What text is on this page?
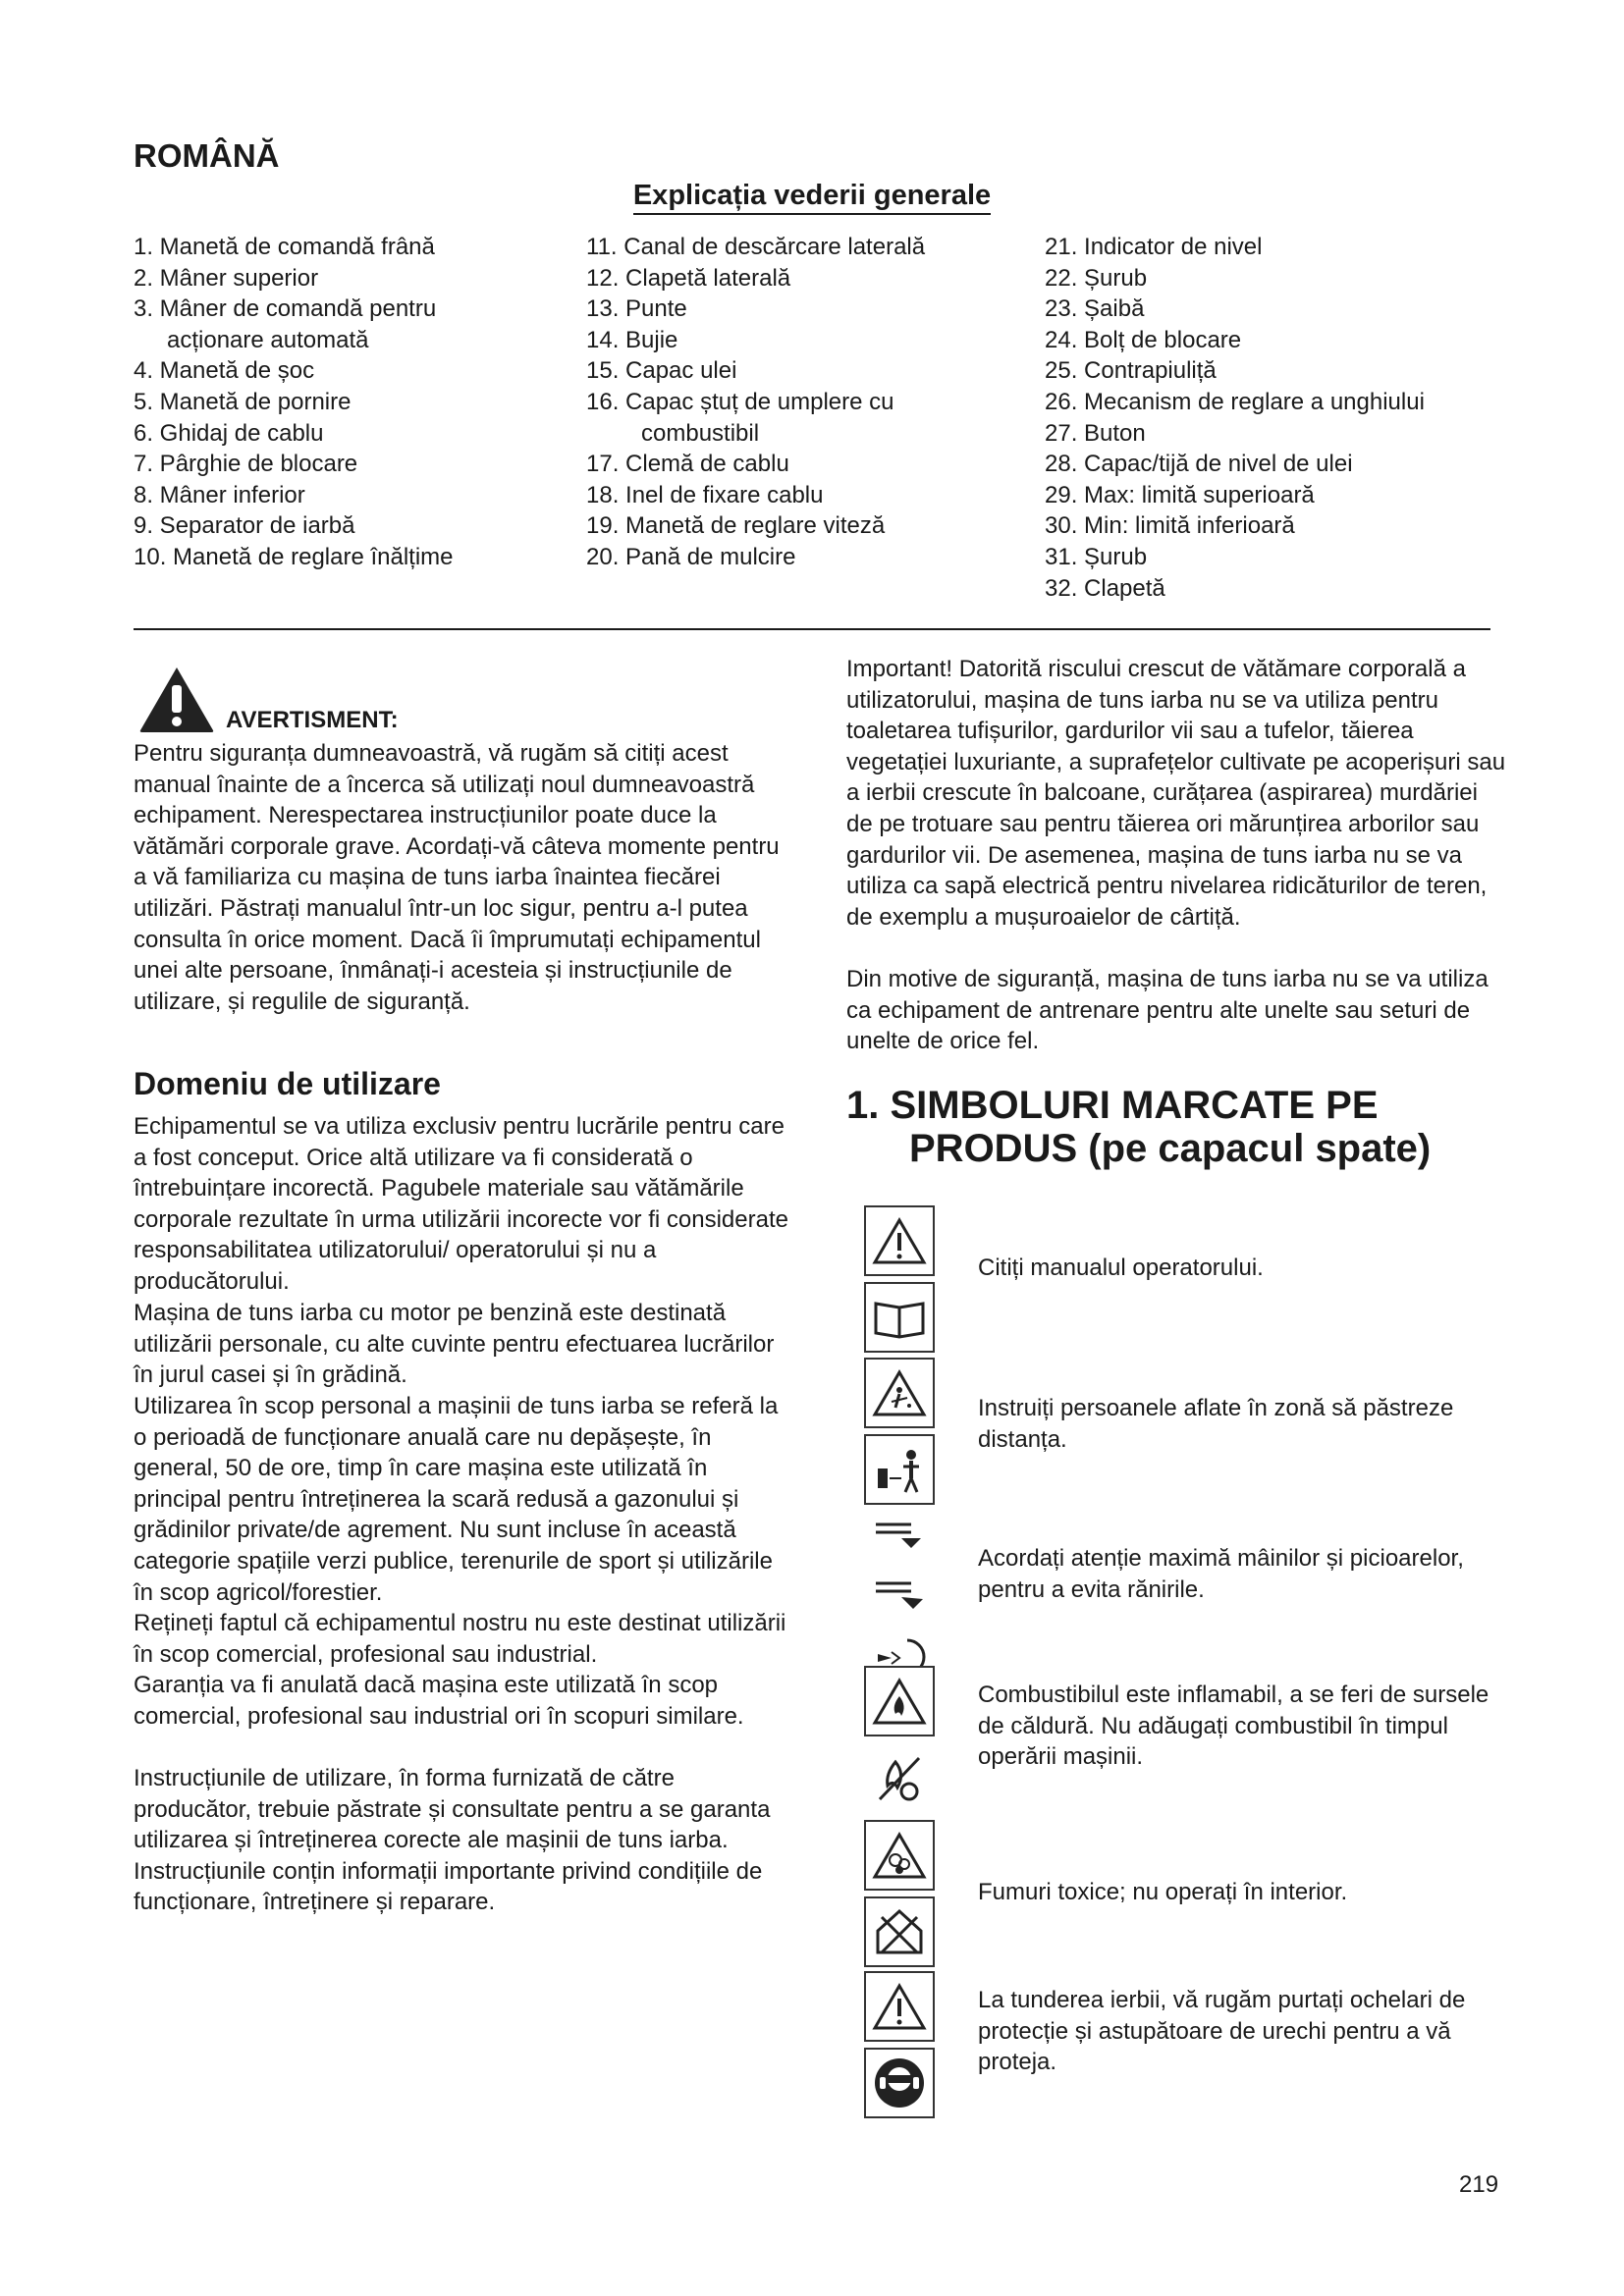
ROMÂNĂ
Explicația vederii generale
1. Manetă de comandă frână
2. Mâner superior
3. Mâner de comandă pentru
acționare automată
4. Manetă de șoc
5. Manetă de pornire
6. Ghidaj de cablu
7. Pârghie de blocare
8. Mâner inferior
9. Separator de iarbă
10. Manetă de reglare înălțime
11. Canal de descărcare laterală
12. Clapetă laterală
13. Punte
14. Bujie
15. Capac ulei
16. Capac ștuț de umplere cu
combustibil
17. Clemă de cablu
18. Inel de fixare cablu
19. Manetă de reglare viteză
20. Pană de mulcire
21. Indicator de nivel
22. Șurub
23. Șaibă
24. Bolț de blocare
25. Contrapiuliță
26. Mecanism de reglare a unghiului
27. Buton
28. Capac/tijă de nivel de ulei
29. Max: limită superioară
30. Min: limită inferioară
31. Șurub
32. Clapetă
AVERTISMENT:

Pentru siguranța dumneavoastră, vă rugăm să citiți acest manual înainte de a încerca să utilizați noul dumneavoastră echipament. Nerespectarea instrucțiunilor poate duce la vătămări corporale grave. Acordați-vă câteva momente pentru a vă familiariza cu mașina de tuns iarba înaintea fiecărei utilizări. Păstrați manualul într-un loc sigur, pentru a-l putea consulta în orice moment. Dacă îi împrumutați echipamentul unei alte persoane, înmânați-i acesteia și instrucțiunile de utilizare, și regulile de siguranță.

Domeniu de utilizare

Echipamentul se va utiliza exclusiv pentru lucrările pentru care a fost conceput. Orice altă utilizare va fi considerată o întrebuințare incorectă. Pagubele materiale sau vătămările corporale rezultate în urma utilizării incorecte vor fi considerate responsabilitatea utilizatorului/ operatorului și nu a producătorului.

Mașina de tuns iarba cu motor pe benzină este destinată utilizării personale, cu alte cuvinte pentru efectuarea lucrărilor în jurul casei și în grădină.

Utilizarea în scop personal a mașinii de tuns iarba se referă la o perioadă de funcționare anuală care nu depășește, în general, 50 de ore, timp în care mașina este utilizată în principal pentru întreținerea la scară redusă a gazonului și grădinilor private/de agrement. Nu sunt incluse în această categorie spațiile verzi publice, terenurile de sport și utilizările în scop agricol/forestier.

Rețineți faptul că echipamentul nostru nu este destinat utilizării în scop comercial, profesional sau industrial.

Garanția va fi anulată dacă mașina este utilizată în scop comercial, profesional sau industrial ori în scopuri similare.

Instrucțiunile de utilizare, în forma furnizată de către producător, trebuie păstrate și consultate pentru a se garanta utilizarea și întreținerea corecte ale mașinii de tuns iarba. Instrucțiunile conțin informații importante privind condițiile de funcționare, întreținere și reparare.

Important! Datorită riscului crescut de vătămare corporală a utilizatorului, mașina de tuns iarba nu se va utiliza pentru toaletarea tufișurilor, gardurilor vii sau a tufelor, tăierea vegetației luxuriante, a suprafețelor cultivate pe acoperișuri sau a ierbii crescute în balcoane, curățarea (aspirarea) murdăriei de pe trotuare sau pentru tăierea ori mărunțirea arborilor sau gardurilor vii. De asemenea, mașina de tuns iarba nu se va utiliza ca sapă electrică pentru nivelarea ridicăturilor de teren, de exemplu a mușuroaielor de cârtiță.

Din motive de siguranță, mașina de tuns iarba nu se va utiliza ca echipament de antrenare pentru alte unelte sau seturi de unelte de orice fel.

1. SIMBOLURI MARCATE PE
PRODUS (pe capacul spate)

Citiți manualul operatorului.

Instruiți persoanele aflate în zonă să păstreze distanța.

Acordați atenție maximă mâinilor și picioarelor, pentru a evita rănirile.

Combustibilul este inflamabil, a se feri de sursele de căldură. Nu adăugați combustibil în timpul operării mașinii.

Fumuri toxice; nu operați în interior.

La tunderea ierbii, vă rugăm purtați ochelari de protecție și astupătoare de urechi pentru a vă proteja.

219
